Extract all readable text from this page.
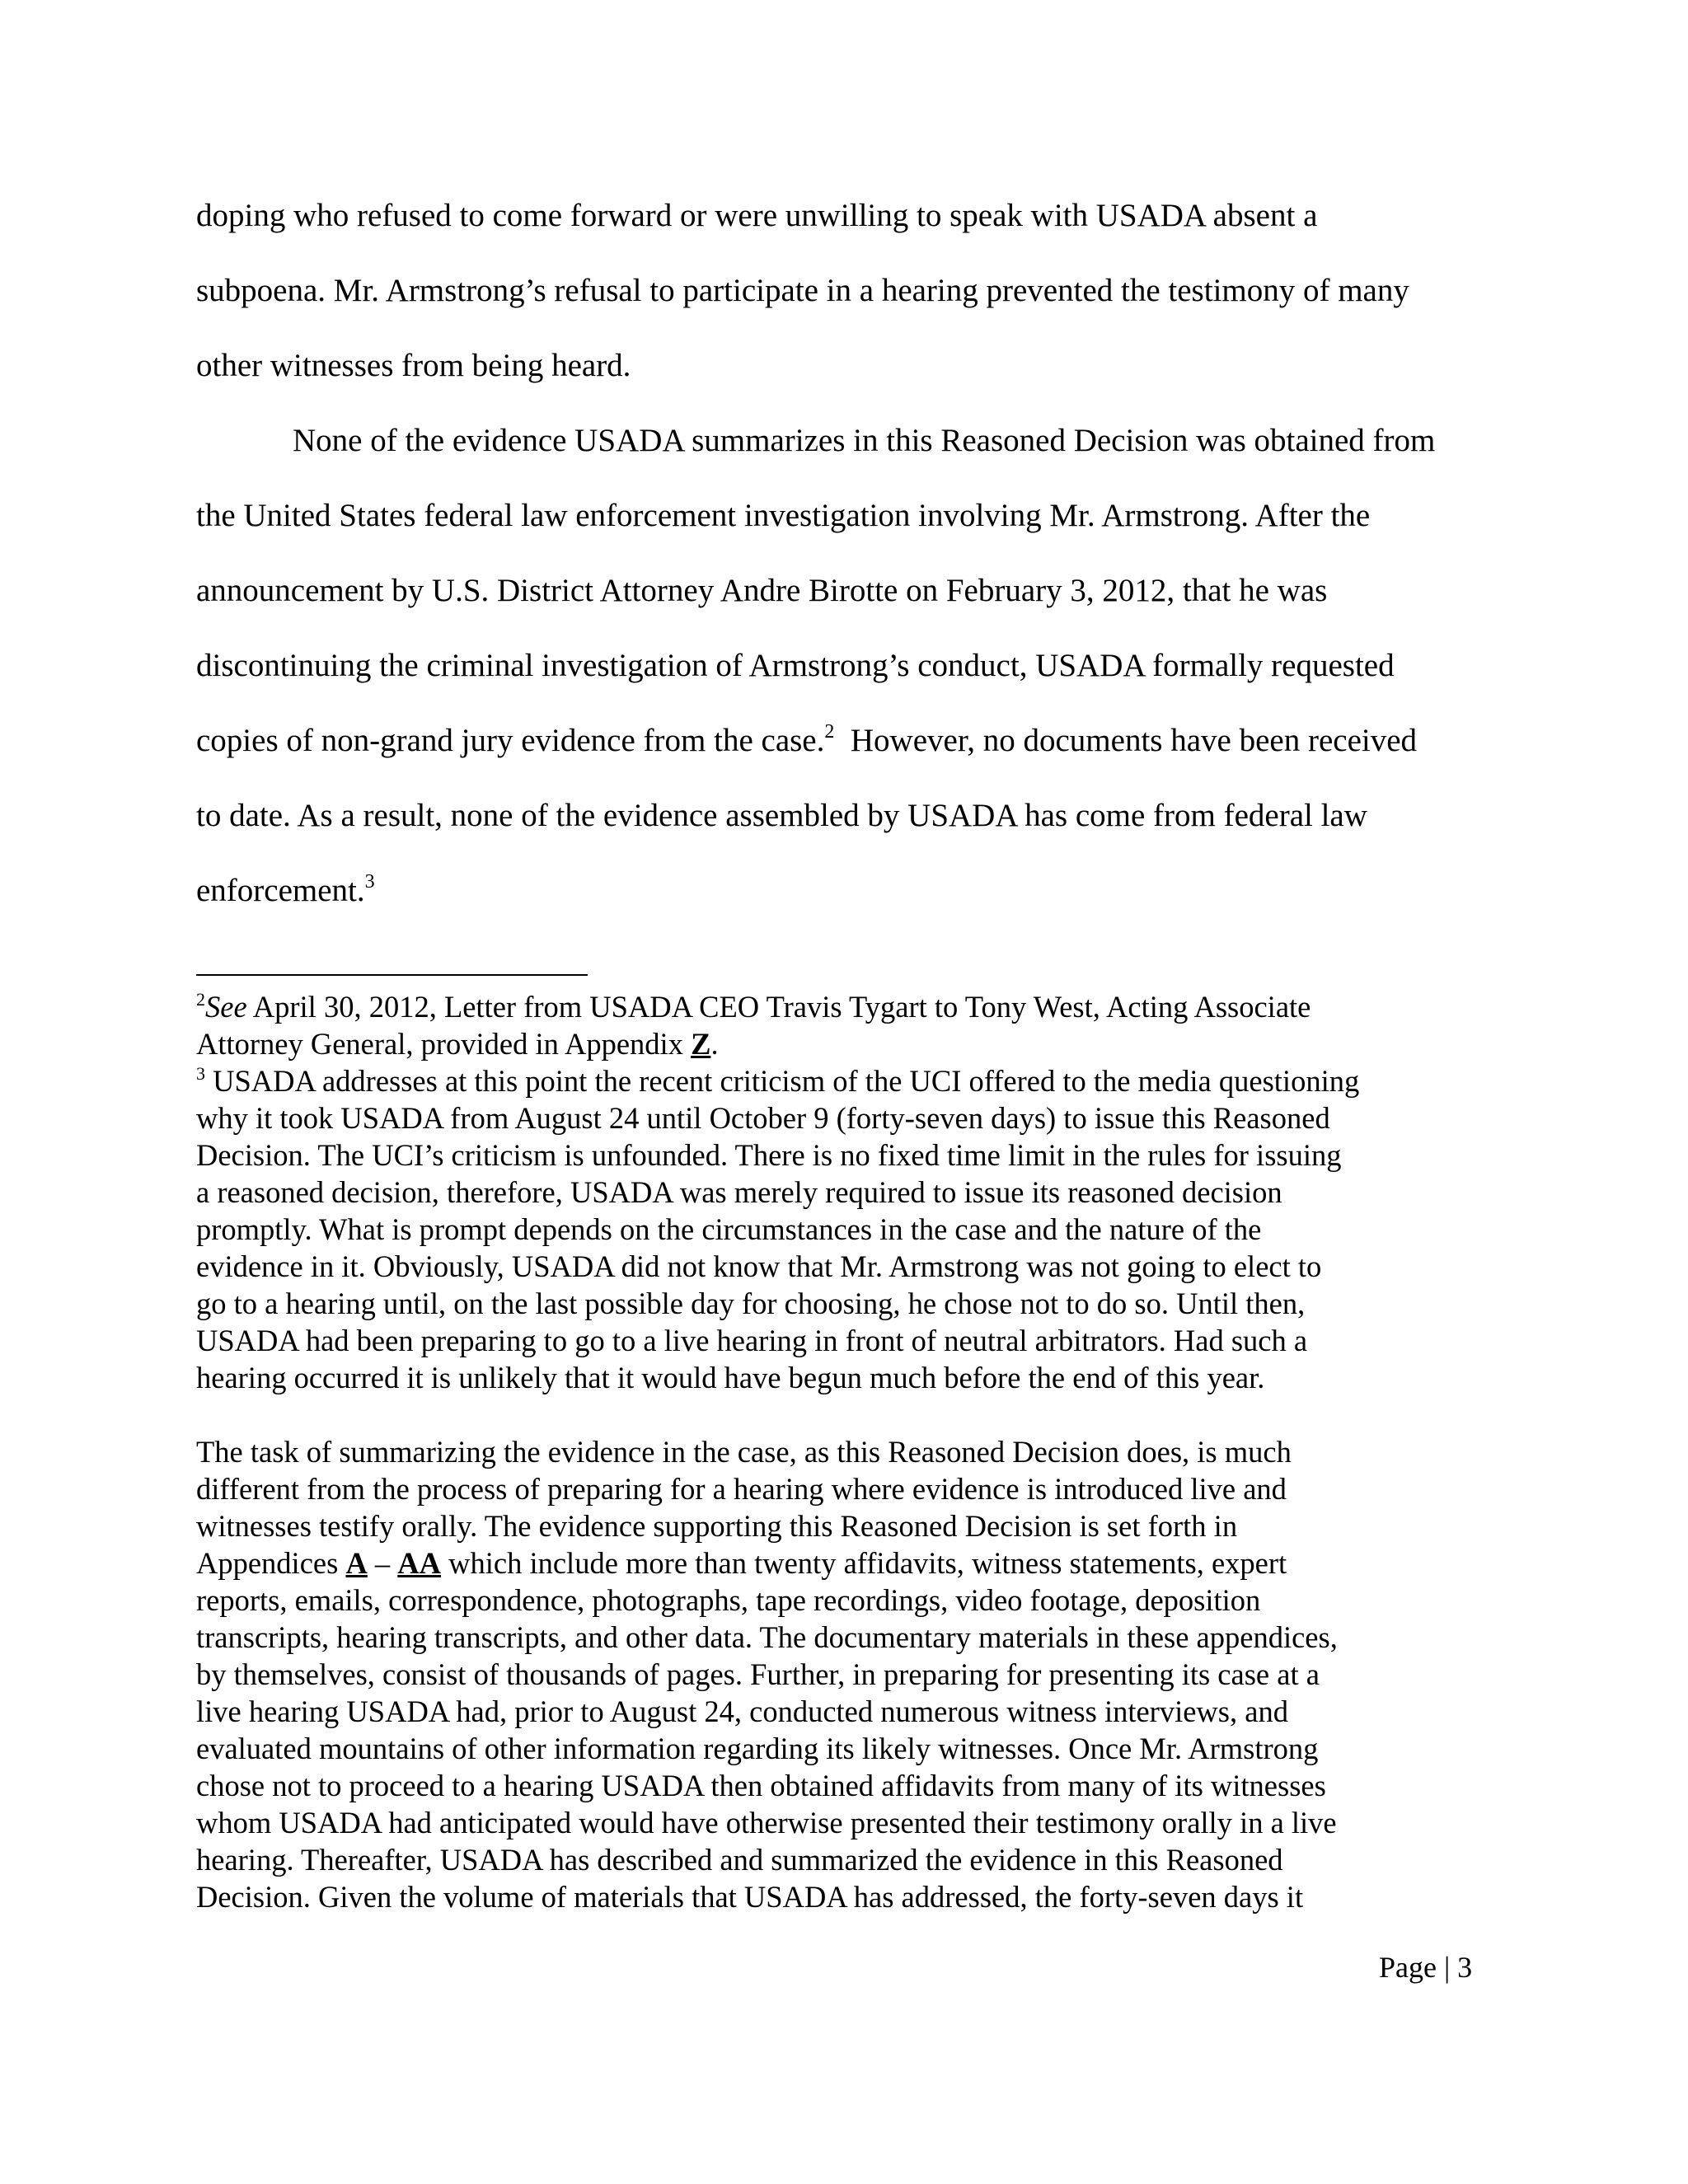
doping who refused to come forward or were unwilling to speak with USADA absent a
subpoena. Mr. Armstrong’s refusal to participate in a hearing prevented the testimony of many
other witnesses from being heard.
None of the evidence USADA summarizes in this Reasoned Decision was obtained from
the United States federal law enforcement investigation involving Mr. Armstrong. After the
announcement by U.S. District Attorney Andre Birotte on February 3, 2012, that he was
discontinuing the criminal investigation of Armstrong’s conduct, USADA formally requested
copies of non-grand jury evidence from the case.$^2$  However, no documents have been received
to date. As a result, none of the evidence assembled by USADA has come from federal law
enforcement.$^3$
$^2$See April 30, 2012, Letter from USADA CEO Travis Tygart to Tony West, Acting Associate
Attorney General, provided in Appendix Z.
$^3$ USADA addresses at this point the recent criticism of the UCI offered to the media questioning
why it took USADA from August 24 until October 9 (forty-seven days) to issue this Reasoned
Decision. The UCI’s criticism is unfounded. There is no fixed time limit in the rules for issuing
a reasoned decision, therefore, USADA was merely required to issue its reasoned decision
promptly. What is prompt depends on the circumstances in the case and the nature of the
evidence in it. Obviously, USADA did not know that Mr. Armstrong was not going to elect to
go to a hearing until, on the last possible day for choosing, he chose not to do so. Until then,
USADA had been preparing to go to a live hearing in front of neutral arbitrators. Had such a
hearing occurred it is unlikely that it would have begun much before the end of this year.
The task of summarizing the evidence in the case, as this Reasoned Decision does, is much
different from the process of preparing for a hearing where evidence is introduced live and
witnesses testify orally. The evidence supporting this Reasoned Decision is set forth in
Appendices A – AA which include more than twenty affidavits, witness statements, expert
reports, emails, correspondence, photographs, tape recordings, video footage, deposition
transcripts, hearing transcripts, and other data. The documentary materials in these appendices,
by themselves, consist of thousands of pages. Further, in preparing for presenting its case at a
live hearing USADA had, prior to August 24, conducted numerous witness interviews, and
evaluated mountains of other information regarding its likely witnesses. Once Mr. Armstrong
chose not to proceed to a hearing USADA then obtained affidavits from many of its witnesses
whom USADA had anticipated would have otherwise presented their testimony orally in a live
hearing. Thereafter, USADA has described and summarized the evidence in this Reasoned
Decision. Given the volume of materials that USADA has addressed, the forty-seven days it
Page | 3
